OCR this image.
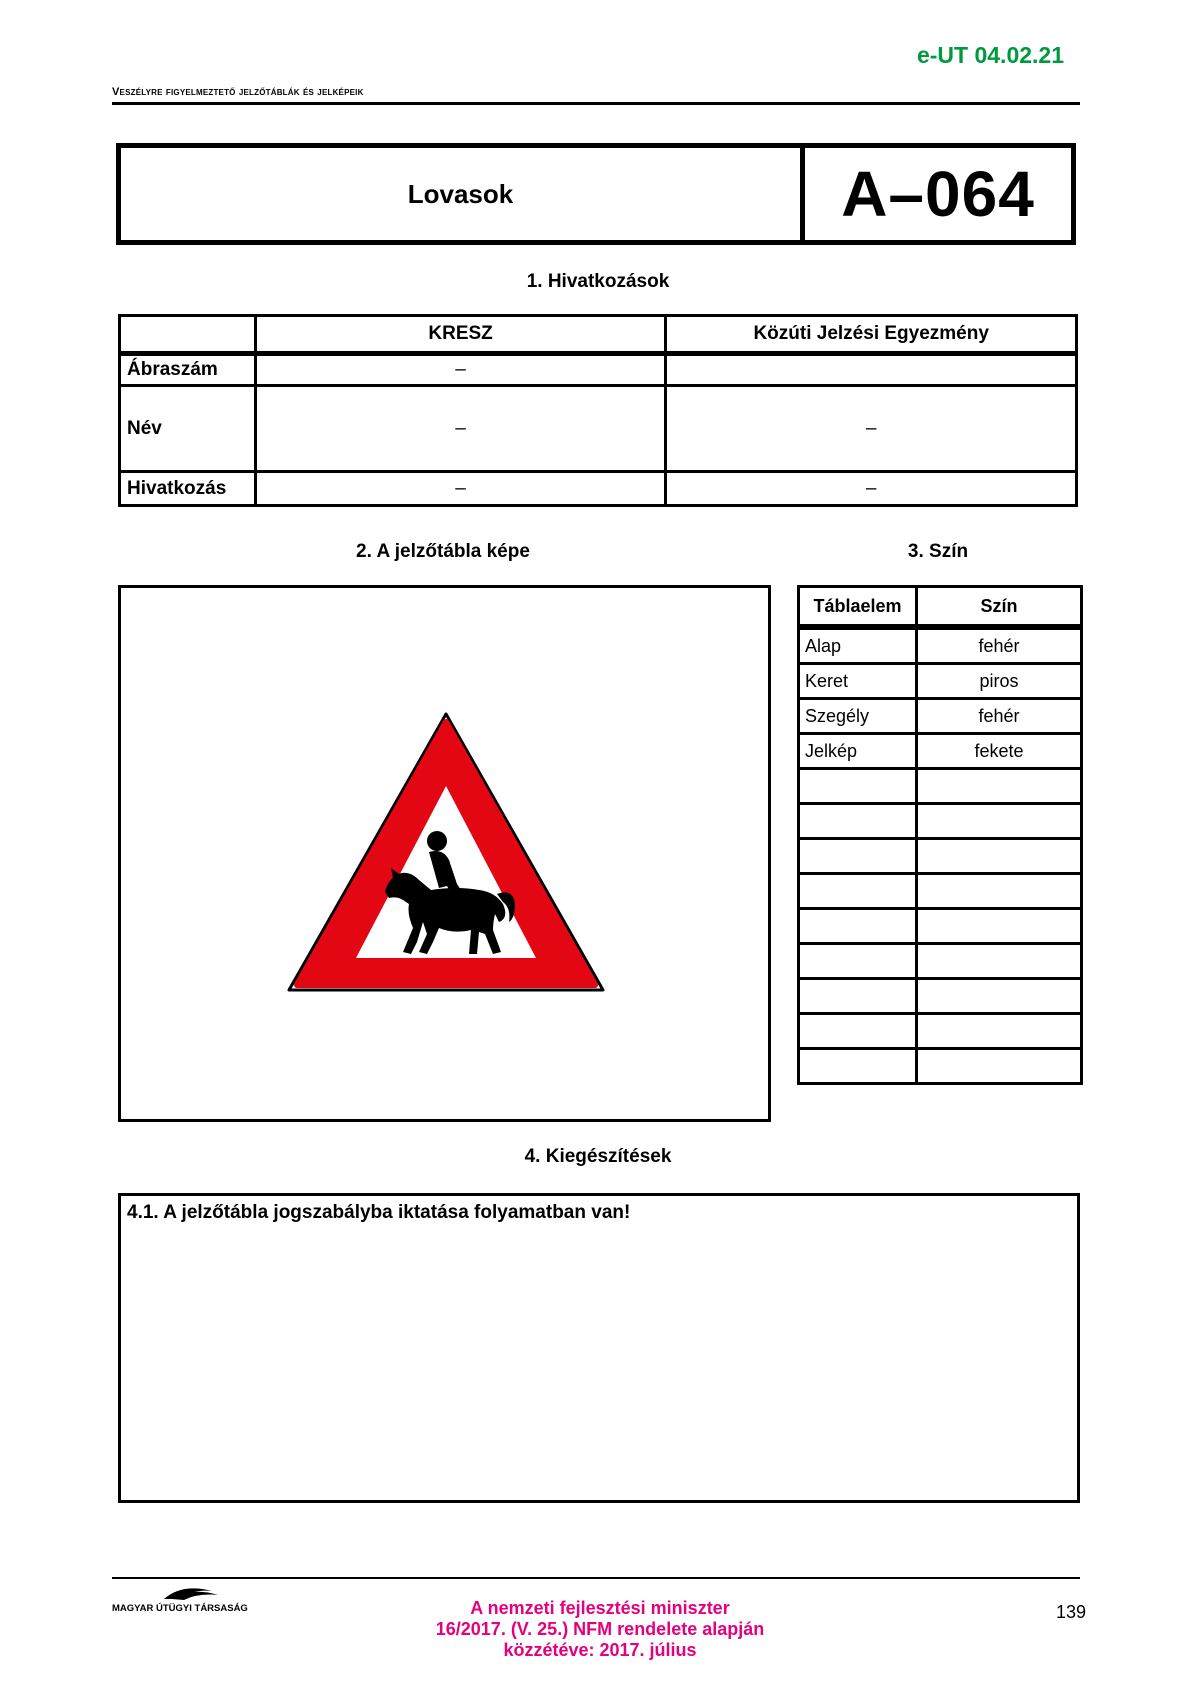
e-UT 04.02.21
Veszélyre figyelmeztető jelzőtáblák és jelképeik
Lovasok	A–064
1. Hivatkozások
	KRESZ	Közúti Jelzési Egyezmény
Ábraszám	–	
Név	–	–
Hivatkozás	–	–
2. A jelzőtábla képe	3. Szín
Táblaelem	Szín
Alap	fehér
Keret	piros
Szegély	fehér
Jelkép	fekete

4. Kiegészítések
4.1. A jelzőtábla jogszabályba iktatása folyamatban van!
MAGYAR ÚTÜGYI TÁRSASÁG	A nemzeti fejlesztési miniszter
16/2017. (V. 25.) NFM rendelete alapján
közzétéve: 2017. július
139
